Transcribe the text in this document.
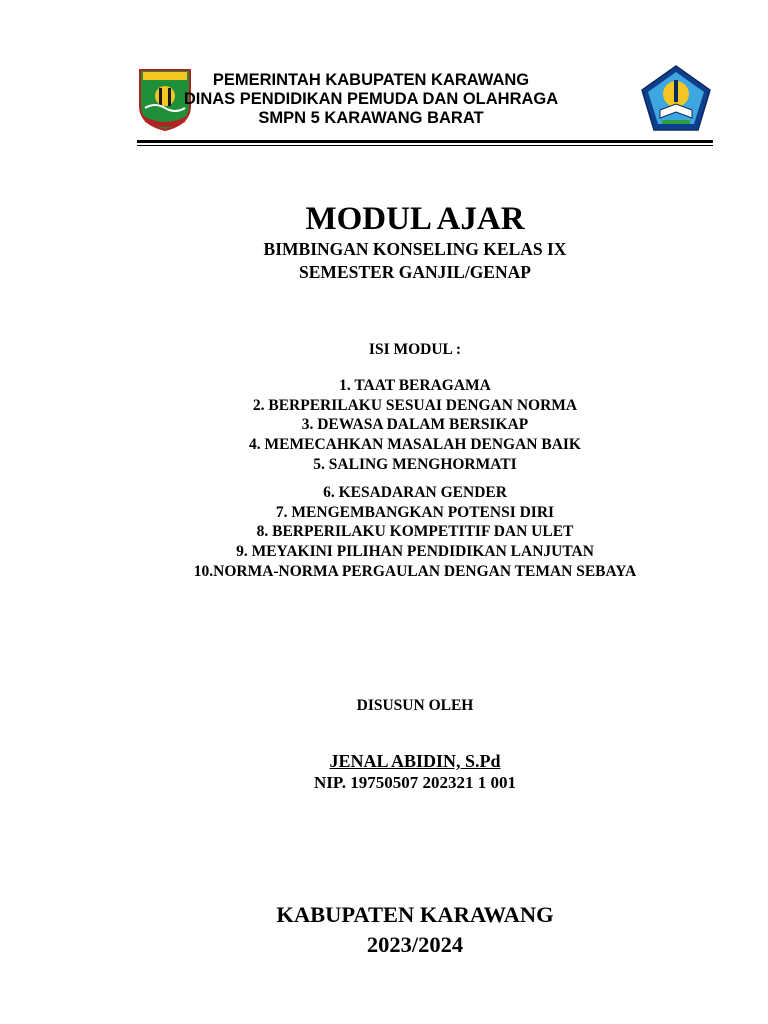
PEMERINTAH KABUPATEN KARAWANG
DINAS PENDIDIKAN PEMUDA DAN OLAHRAGA
SMPN 5 KARAWANG BARAT
MODUL AJAR
BIMBINGAN KONSELING KELAS IX
SEMESTER GANJIL/GENAP
ISI MODUL :
1. TAAT BERAGAMA
2. BERPERILAKU SESUAI DENGAN NORMA
3. DEWASA DALAM BERSIKAP
4. MEMECAHKAN MASALAH DENGAN BAIK
5. SALING MENGHORMATI
6. KESADARAN GENDER
7. MENGEMBANGKAN POTENSI DIRI
8. BERPERILAKU KOMPETITIF DAN ULET
9. MEYAKINI PILIHAN PENDIDIKAN LANJUTAN
10.NORMA-NORMA PERGAULAN DENGAN TEMAN SEBAYA
DISUSUN OLEH
JENAL ABIDIN, S.Pd
NIP. 19750507 202321 1 001
KABUPATEN KARAWANG
2023/2024
